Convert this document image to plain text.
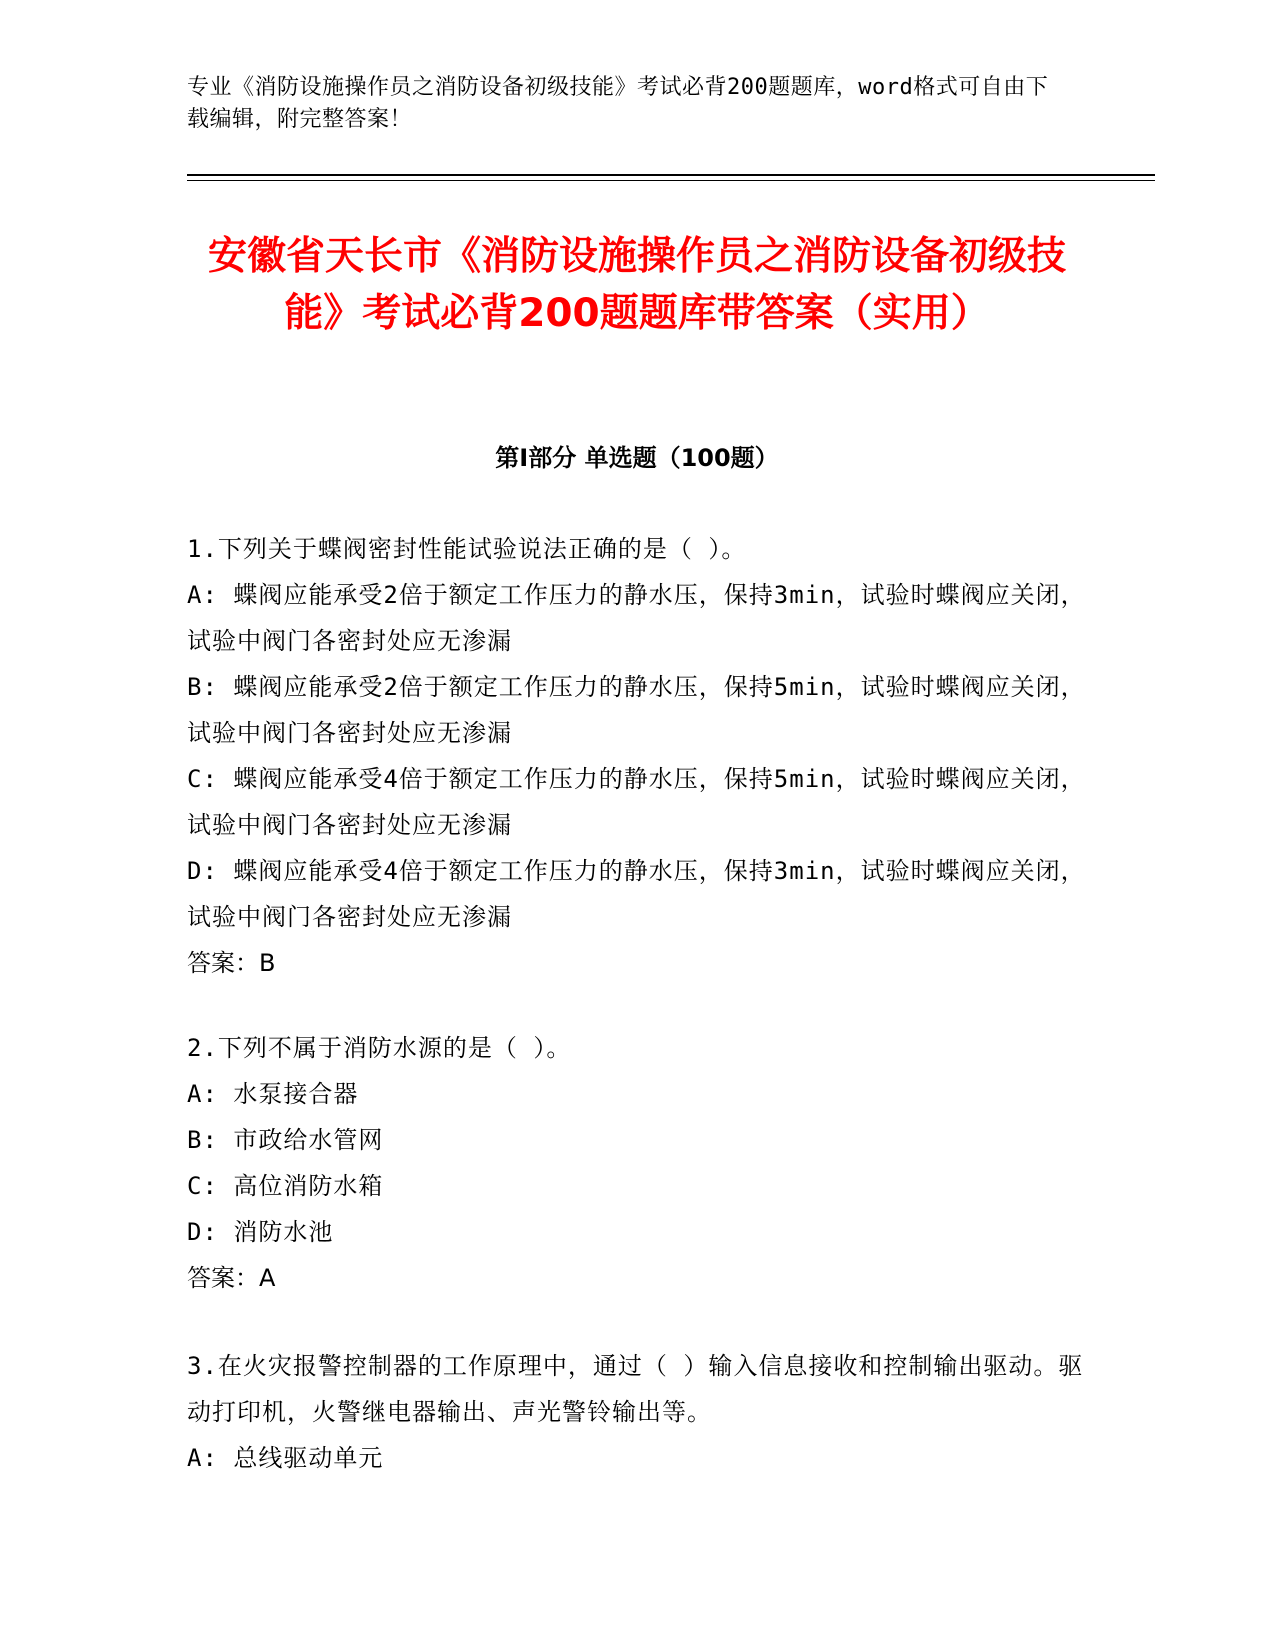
专业《消防设施操作员之消防设备初级技能》考试必背200题题库，word格式可自由下载编辑，附完整答案！
安徽省天长市《消防设施操作员之消防设备初级技能》考试必背200题题库带答案（实用）
第I部分 单选题（100题）
1.下列关于蝶阀密封性能试验说法正确的是（ ）。
A: 蝶阀应能承受2倍于额定工作压力的静水压，保持3min，试验时蝶阀应关闭，试验中阀门各密封处应无渗漏
B: 蝶阀应能承受2倍于额定工作压力的静水压，保持5min，试验时蝶阀应关闭，试验中阀门各密封处应无渗漏
C: 蝶阀应能承受4倍于额定工作压力的静水压，保持5min，试验时蝶阀应关闭，试验中阀门各密封处应无渗漏
D: 蝶阀应能承受4倍于额定工作压力的静水压，保持3min，试验时蝶阀应关闭，试验中阀门各密封处应无渗漏
答案：B
2.下列不属于消防水源的是（ ）。
A: 水泵接合器
B: 市政给水管网
C: 高位消防水箱
D: 消防水池
答案：A
3.在火灾报警控制器的工作原理中，通过（ ）输入信息接收和控制输出驱动。驱动打印机，火警继电器输出、声光警铃输出等。
A: 总线驱动单元
